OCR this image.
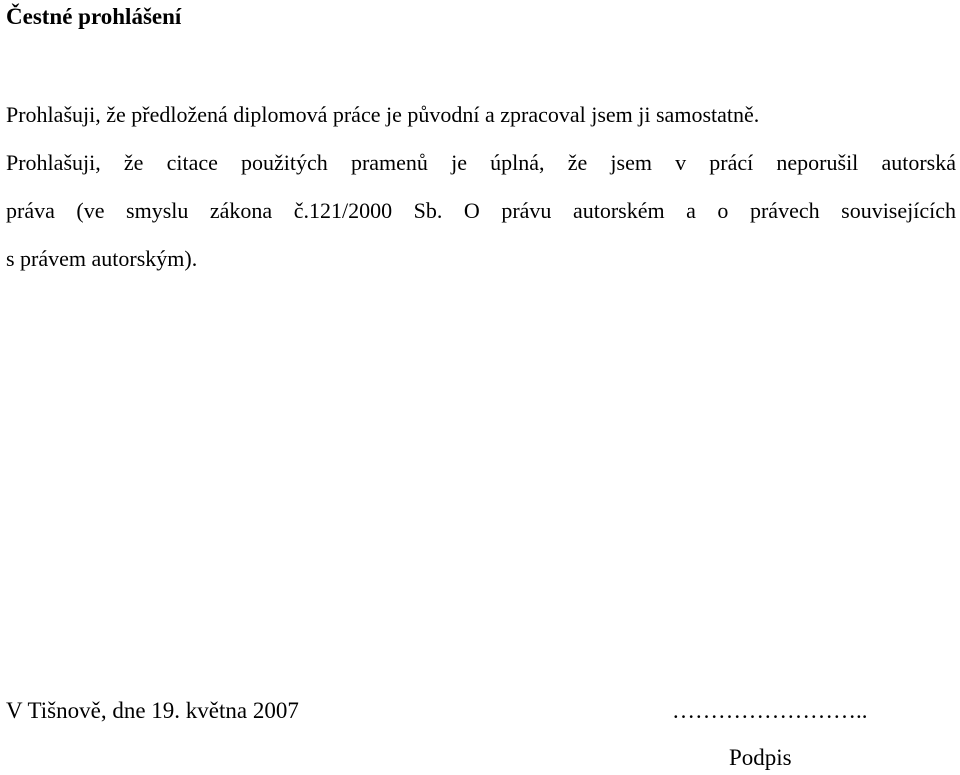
Čestné prohlášení
Prohlašuji, že předložená diplomová práce je původní a zpracoval jsem ji samostatně.
Prohlašuji, že citace použitých pramenů je úplná, že jsem v prácí neporušil autorská
práva (ve smyslu zákona č.121/2000 Sb. O právu autorském a o právech souvisejících
s právem autorským).
V Tišnově, dne 19. května 2007	……………………..
Podpis
